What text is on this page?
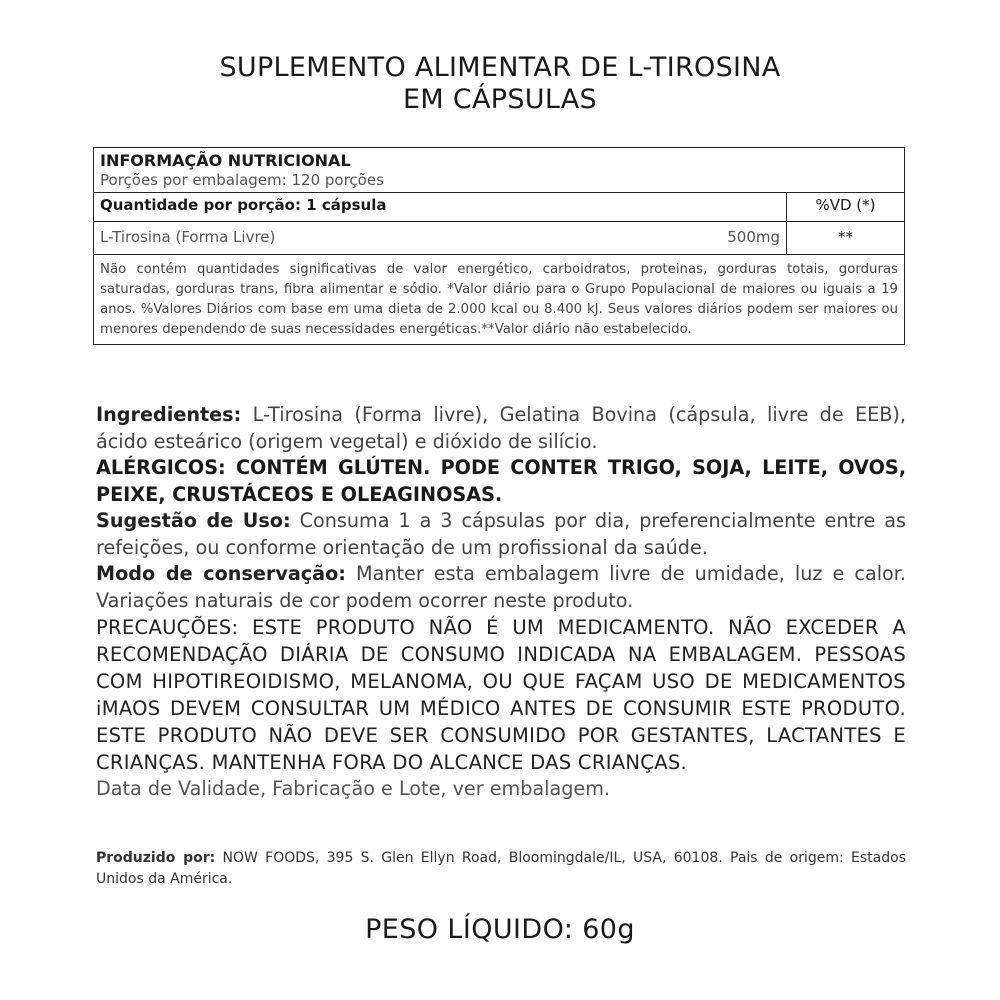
SUPLEMENTO ALIMENTAR DE L-TIROSINA
EM CÁPSULAS
INFORMAÇÃO NUTRICIONAL
Porções por embalagem: 120 porções
Quantidade por porção: 1 cápsula	%VD (*)
L-Tirosina (Forma Livre)	500mg	**
Não contém quantidades significativas de valor energético, carboidratos, proteinas, gorduras totais, gorduras saturadas, gorduras trans, fibra alimentar e sódio. *Valor diário para o Grupo Populacional de maiores ou iguais a 19 anos. %Valores Diários com base em uma dieta de 2.000 kcal ou 8.400 kJ. Seus valores diários podem ser maiores ou menores dependendo de suas necessidades energéticas.**Valor diário não estabelecido.

Ingredientes: L-Tirosina (Forma livre), Gelatina Bovina (cápsula, livre de EEB), ácido esteárico (origem vegetal) e dióxido de silício.

ALÉRGICOS: CONTÉM GLÚTEN. PODE CONTER TRIGO, SOJA, LEITE, OVOS, PEIXE, CRUSTÁCEOS E OLEAGINOSAS.

Sugestão de Uso: Consuma 1 a 3 cápsulas por dia, preferencialmente entre as refeições, ou conforme orientação de um profissional da saúde.

Modo de conservação: Manter esta embalagem livre de umidade, luz e calor. Variações naturais de cor podem ocorrer neste produto.

PRECAUÇÕES: ESTE PRODUTO NÃO É UM MEDICAMENTO. NÃO EXCEDER A RECOMENDAÇÃO DIÁRIA DE CONSUMO INDICADA NA EMBALAGEM. PESSOAS COM HIPOTIREOIDISMO, MELANOMA, OU QUE FAÇAM USO DE MEDICAMENTOS iMAOS DEVEM CONSULTAR UM MÉDICO ANTES DE CONSUMIR ESTE PRODUTO. ESTE PRODUTO NÃO DEVE SER CONSUMIDO POR GESTANTES, LACTANTES E CRIANÇAS. MANTENHA FORA DO ALCANCE DAS CRIANÇAS.

Data de Validade, Fabricação e Lote, ver embalagem.

Produzido por: NOW FOODS, 395 S. Glen Ellyn Road, Bloomingdale/IL, USA, 60108. Pais de origem: Estados Unidos da América.
PESO LÍQUIDO: 60g
